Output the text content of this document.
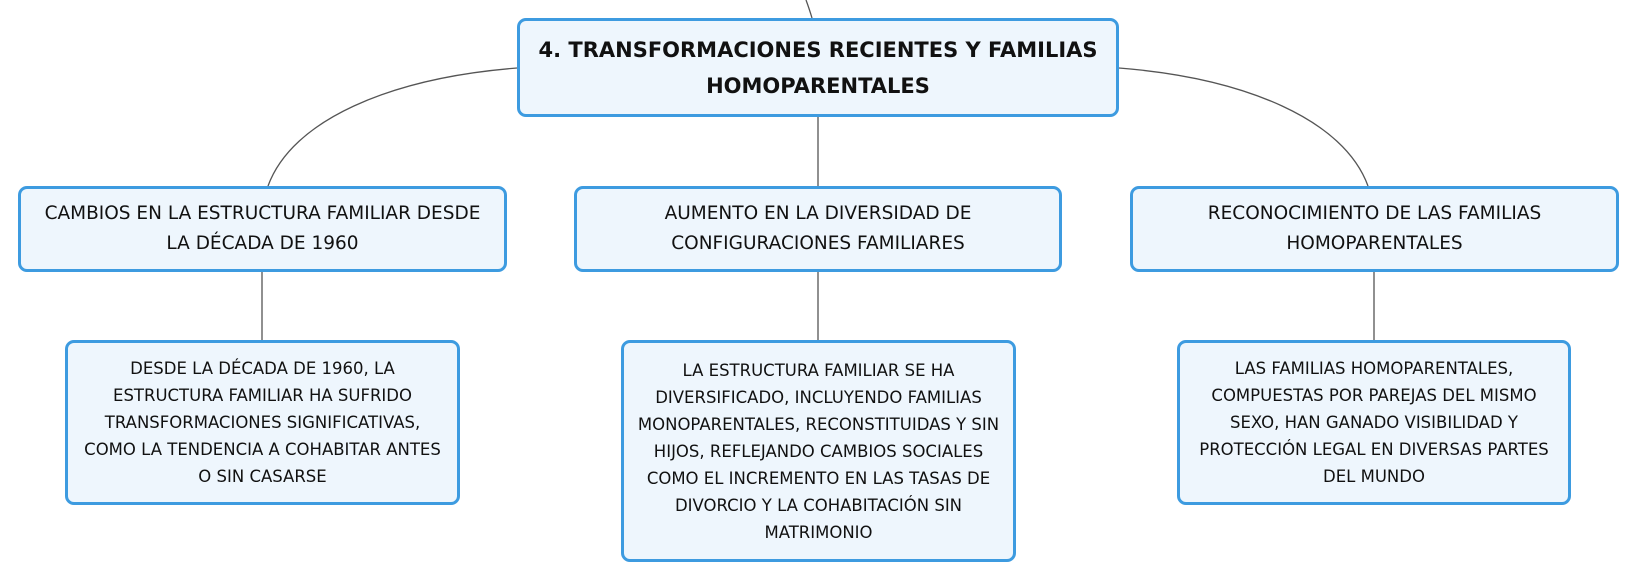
4. TRANSFORMACIONES RECIENTES Y FAMILIAS HOMOPARENTALES
CAMBIOS EN LA ESTRUCTURA FAMILIAR DESDE LA DÉCADA DE 1960
AUMENTO EN LA DIVERSIDAD DE CONFIGURACIONES FAMILIARES
RECONOCIMIENTO DE LAS FAMILIAS HOMOPARENTALES
DESDE LA DÉCADA DE 1960, LA ESTRUCTURA FAMILIAR HA SUFRIDO TRANSFORMACIONES SIGNIFICATIVAS, COMO LA TENDENCIA A COHABITAR ANTES O SIN CASARSE
LA ESTRUCTURA FAMILIAR SE HA DIVERSIFICADO, INCLUYENDO FAMILIAS MONOPARENTALES, RECONSTITUIDAS Y SIN HIJOS, REFLEJANDO CAMBIOS SOCIALES COMO EL INCREMENTO EN LAS TASAS DE DIVORCIO Y LA COHABITACIÓN SIN MATRIMONIO
LAS FAMILIAS HOMOPARENTALES, COMPUESTAS POR PAREJAS DEL MISMO SEXO, HAN GANADO VISIBILIDAD Y PROTECCIÓN LEGAL EN DIVERSAS PARTES DEL MUNDO
